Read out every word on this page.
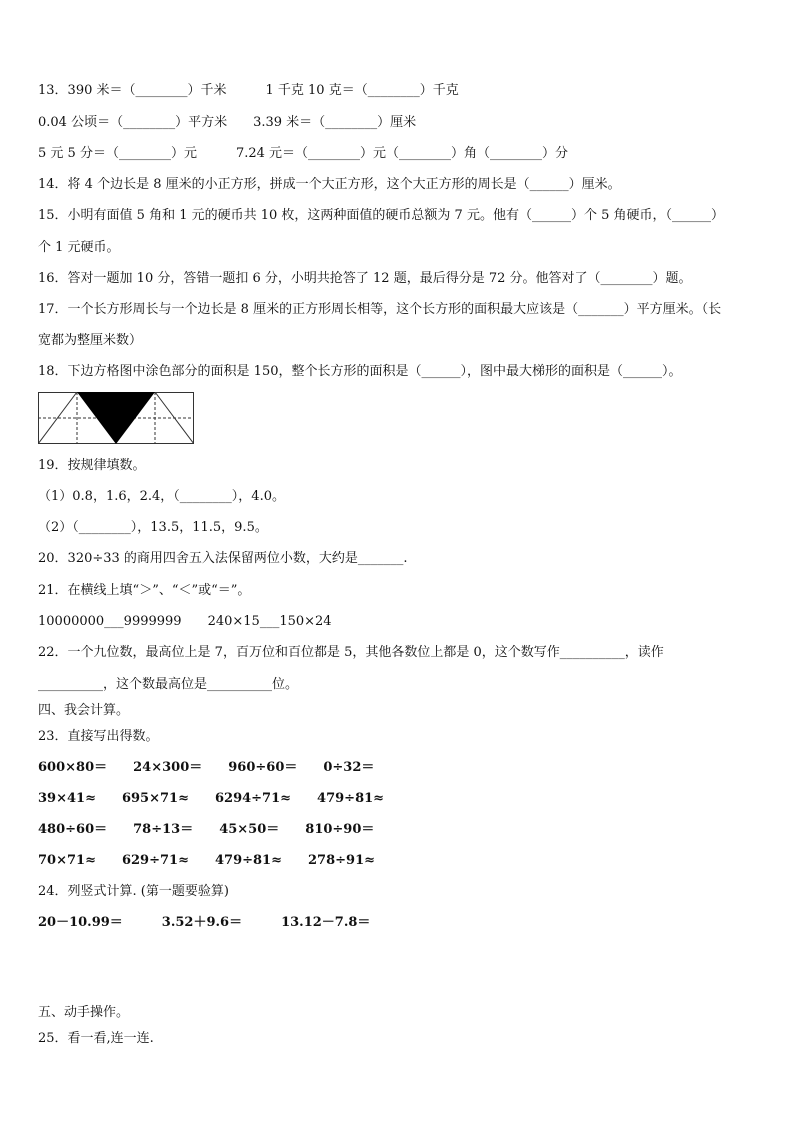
13．390 米＝（________）千米　　　1 千克 10 克＝（________）千克
0.04 公顷＝（________）平方米　　3.39 米＝（________）厘米
5 元 5 分＝（________）元　　　7.24 元＝（________）元（________）角（________）分
14．将 4 个边长是 8 厘米的小正方形，拼成一个大正方形，这个大正方形的周长是（______）厘米。
15．小明有面值 5 角和 1 元的硬币共 10 枚，这两种面值的硬币总额为 7 元。他有（______）个 5 角硬币，（______）
个 1 元硬币。
16．答对一题加 10 分，答错一题扣 6 分，小明共抢答了 12 题，最后得分是 72 分。他答对了（________）题。
17．一个长方形周长与一个边长是 8 厘米的正方形周长相等，这个长方形的面积最大应该是（_______）平方厘米。（长
宽都为整厘米数）
18．下边方格图中涂色部分的面积是 150，整个长方形的面积是（______），图中最大梯形的面积是（______）。
19．按规律填数。
（1）0.8，1.6，2.4，（________），4.0。
（2）（________），13.5，11.5，9.5。
20．320÷33 的商用四舍五入法保留两位小数，大约是_______.
21．在横线上填“＞”、“＜”或“＝”。
10000000___9999999　　240×15___150×24
22．一个九位数，最高位上是 7，百万位和百位都是 5，其他各数位上都是 0，这个数写作__________，读作
__________，这个数最高位是__________位。
四、我会计算。
23．直接写出得数。
600×80＝　　24×300＝　　960÷60＝　　0÷32＝
39×41≈　　695×71≈　　6294÷71≈　　479÷81≈
480÷60＝　　78÷13＝　　45×50＝　　810÷90＝
70×71≈　　629÷71≈　　479÷81≈　　278÷91≈
24．列竖式计算. (第一题要验算)
20－10.99＝　　　3.52＋9.6＝　　　13.12－7.8＝
五、动手操作。
25．看一看,连一连.
